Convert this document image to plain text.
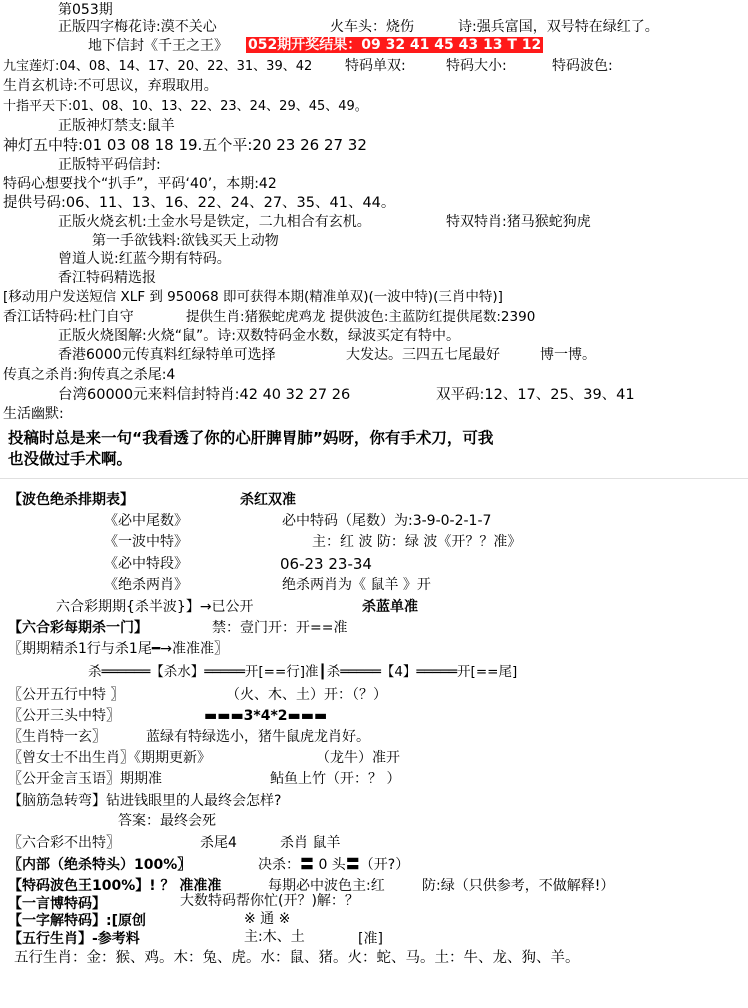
第053期
正版四字梅花诗:漠不关心	火车头：烧伤	诗:强兵富国，双号特在绿红了。
地下信封《千王之王》 052期开奖结果：09 32 41 45 43 13 T 12
九宝莲灯:04、08、14、17、20、22、31、39、42 特码单双:	特码大小:	特码波色:
生肖玄机诗:不可思议，弃瑕取用。
十指平天下:01、08、10、13、22、23、24、29、45、49。
正版神灯禁支:鼠羊
神灯五中特:01 03 08 18 19.五个平:20 23 26 27 32
正版特平码信封:
特码心想要找个“扒手”，平码‘40’，本期:42
提供号码:06、11、13、16、22、24、27、35、41、44。
正版火烧玄机:土金水号是铁定，二九相合有玄机。	特双特肖:猪马猴蛇狗虎
第一手欲钱料:欲钱买天上动物
曾道人说:红蓝今期有特码。
香江特码精选报
[移动用户发送短信 XLF 到 950068 即可获得本期(精准单双)(一波中特)(三肖中特)]
香江话特码:杜门自守	提供生肖:猪猴蛇虎鸡龙 提供波色:主蓝防红提供尾数:2390
正版火烧图解:火烧“鼠”。诗:双数特码金水数，绿波买定有特中。
香港6000元传真料红绿特单可选择	大发达。三四五七尾最好	博一博。
传真之杀肖:狗传真之杀尾:4
台湾60000元来料信封特肖:42 40 32 27 26	双平码:12、17、25、39、41
生活幽默:
投稿时总是来一句“我看透了你的心肝脾胃肺”妈呀，你有手术刀，可我
也没做过手术啊。
【波色绝杀排期表】	杀红双准
《必中尾数》	必中特码（尾数）为:3-9-0-2-1-7
《一波中特》	主：红 波 防：绿 波《开？？准》
《必中特段》	06-23 23-34
《绝杀两肖》	绝杀两肖为《 鼠羊 》开
六合彩期期{杀半波}】→已公开	杀蓝单准
【六合彩每期杀一门】	禁：壹门开：开==准
〖期期精杀1行与杀1尾━→准准准〗
杀══════【杀水】═════开[==行]准┃杀═════【4】═════开[==尾]
〖公开五行中特 〗	（火、木、土）开：（？）
〖公开三头中特〗	▬▬▬3*4*2▬▬▬
〖生肖特一玄〗	蓝绿有特绿选小，猪牛鼠虎龙肖好。
〖曾女士不出生肖〗《期期更新》	（龙牛）准开
〖公开金言玉语〗期期准	鲇鱼上竹（开：？ ）
【脑筋急转弯】钻进钱眼里的人最终会怎样?
答案：最终会死
〖六合彩不出特〗	杀尾4	杀肖 鼠羊
〖内部（绝杀特头）100%〗	决杀：〓 0 头〓（开?）
【特码波色王100%】! ？ 准准准	每期必中波色主:红	防:绿（只供参考，不做解释!）
【一言博特码】	大数特码帮你忙(开？)解：？
【一字解特码】:[原创	※ 通 ※
【五行生肖】-参考料	主:木、土	[准]
五行生肖：金：猴、鸡。木：兔、虎。水：鼠、猪。火：蛇、马。土：牛、龙、狗、羊。
